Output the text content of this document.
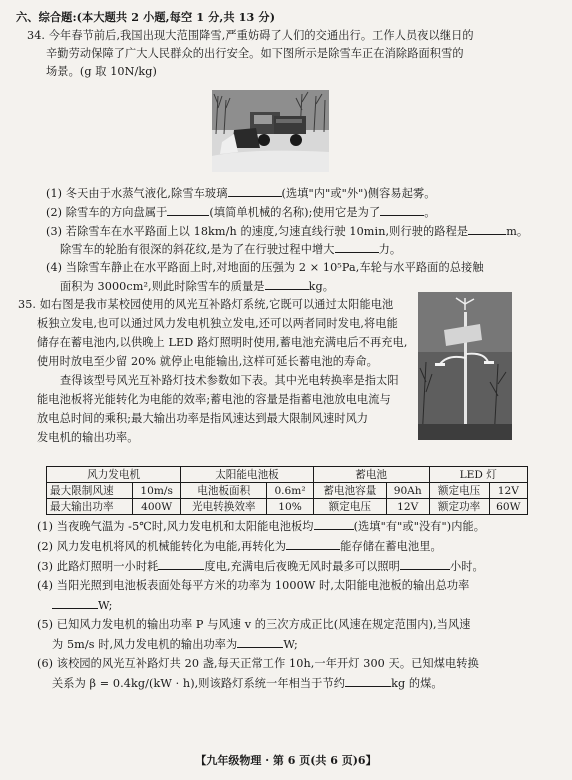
六、综合题:(本大题共 2 小题,每空 1 分,共 13 分)
34. 今年春节前后,我国出现大范围降雪,严重妨碍了人们的交通出行。工作人员夜以继日的
辛勤劳动保障了广大人民群众的出行安全。如下图所示是除雪车正在消除路面积雪的
场景。(g 取 10N/kg)
(1) 冬天由于水蒸气液化,除雪车玻璃	(选填"内"或"外")侧容易起雾。
(2) 除雪车的方向盘属于	(填简单机械的名称);使用它是为了	。
(3) 若除雪车在水平路面上以 18km/h 的速度,匀速直线行驶 10min,则行驶的路程是	m。
除雪车的轮胎有很深的斜花纹,是为了在行驶过程中增大	力。
(4) 当除雪车静止在水平路面上时,对地面的压强为 2 × 10⁵Pa,车轮与水平路面的总接触
面积为 3000cm²,则此时除雪车的质量是	kg。
35. 如右图是我市某校园使用的风光互补路灯系统,它既可以通过太阳能电池
板独立发电,也可以通过风力发电机独立发电,还可以两者同时发电,将电能
储存在蓄电池内,以供晚上 LED 路灯照明时使用,蓄电池充满电后不再充电,
使用时放电至少留 20% 就停止电能输出,这样可延长蓄电池的寿命。
查得该型号风光互补路灯技术参数如下表。其中光电转换率是指太阳
能电池板将光能转化为电能的效率;蓄电池的容量是指蓄电池放电电流与
放电总时间的乘积;最大输出功率是指风速达到最大限制风速时风力
发电机的输出功率。
风力发电机		太阳能电池板		蓄电池		LED 灯	
最大限制风速	10m/s	电池板面积	0.6m²	蓄电池容量	90Ah	额定电压	12V
最大输出功率	400W	光电转换效率	10%	额定电压	12V	额定功率	60W
(1) 当夜晚气温为 -5℃时,风力发电机和太阳能电池板均	(选填"有"或"没有")内能。
(2) 风力发电机将风的机械能转化为电能,再转化为	能存储在蓄电池里。
(3) 此路灯照明一小时耗	度电,充满电后夜晚无风时最多可以照明	小时。
(4) 当阳光照到电池板表面处每平方米的功率为 1000W 时,太阳能电池板的输出总功率
W;
(5) 已知风力发电机的输出功率 P 与风速 v 的三次方成正比(风速在规定范围内),当风速
为 5m/s 时,风力发电机的输出功率为	W;
(6) 该校园的风光互补路灯共 20 盏,每天正常工作 10h,一年开灯 300 天。已知煤电转换
关系为 β = 0.4kg/(kW · h),则该路灯系统一年相当于节约	kg 的煤。
【九年级物理 · 第 6 页(共 6 页)6】
